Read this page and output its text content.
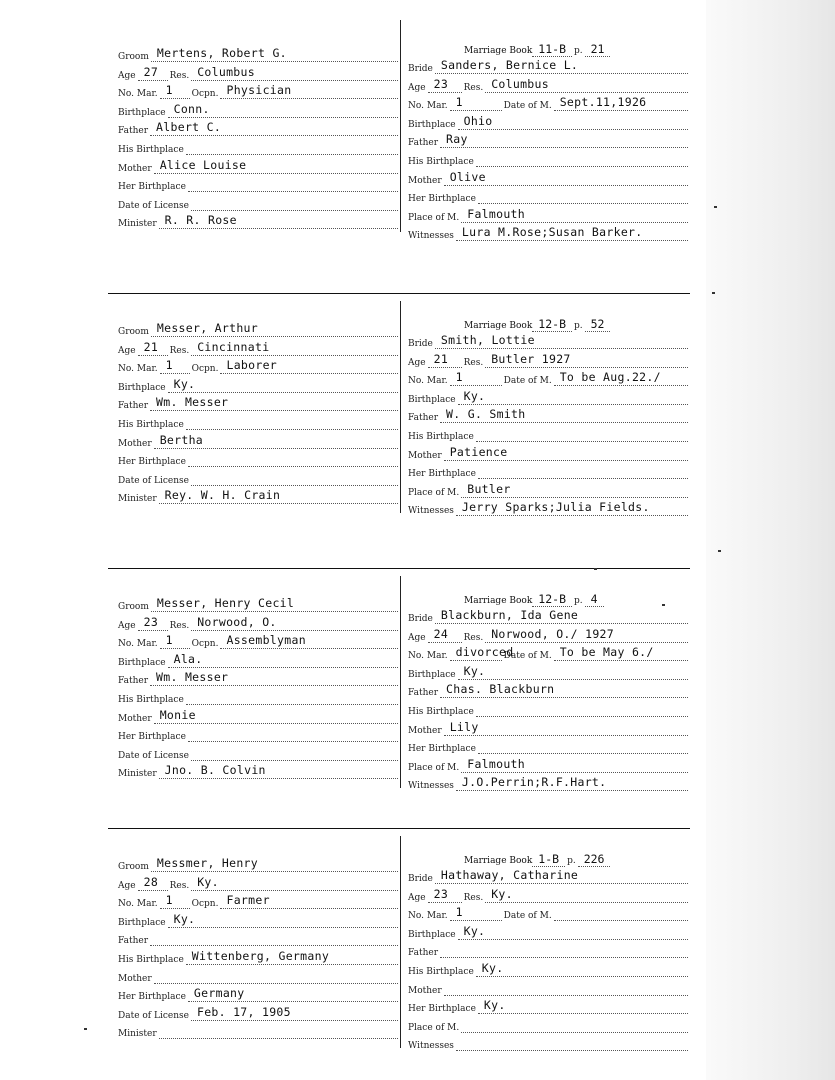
Groom Mertens, Robert G.
Age 27 Res. Columbus
No. Mar. 1 Ocpn. Physician
Birthplace Conn.
Father Albert C.
His Birthplace
Mother Alice Louise
Her Birthplace
Date of License
Minister R. R. Rose
Marriage Book 11-B p. 21
Bride Sanders, Bernice L.
Age 23 Res. Columbus
No. Mar. 1	Date of M. Sept.11,1926
Birthplace Ohio
Father Ray
His Birthplace
Mother Olive
Her Birthplace
Place of M. Falmouth
Witnesses Lura M.Rose;Susan Barker.
Groom Messer, Arthur
Age 21 Res. Cincinnati
No. Mar. 1 Ocpn. Laborer
Birthplace Ky.
Father Wm. Messer
His Birthplace
Mother Bertha
Her Birthplace
Date of License
Minister Rey. W. H. Crain
Marriage Book 12-B p. 52
Bride Smith, Lottie
Age 21 Res. Butler 1927
No. Mar. 1	Date of M. To be Aug.22./
Birthplace Ky.
Father W. G. Smith
His Birthplace
Mother Patience
Her Birthplace
Place of M. Butler
Witnesses Jerry Sparks;Julia Fields.
Groom Messer, Henry Cecil
Age 23 Res. Norwood, O.
No. Mar. 1 Ocpn. Assemblyman
Birthplace Ala.
Father Wm. Messer
His Birthplace
Mother Monie
Her Birthplace
Date of License
Minister Jno. B. Colvin
Marriage Book 12-B p. 4
Bride Blackburn, Ida Gene
Age 24 Res. Norwood, O./ 1927
No. Mar. divorced
Date of M. To be May 6./
Birthplace Ky.
Father Chas. Blackburn
His Birthplace
Mother Lily
Her Birthplace
Place of M. Falmouth
Witnesses J.O.Perrin;R.F.Hart.
Groom Messmer, Henry
Age 28 Res. Ky.
No. Mar. 1 Ocpn. Farmer
Birthplace Ky.
Father
His Birthplace Wittenberg, Germany
Mother
Her Birthplace Germany
Date of License Feb. 17, 1905
Minister
Marriage Book 1-B p. 226
Bride Hathaway, Catharine
Age 23 Res. Ky.
No. Mar. 1	Date of M.
Birthplace Ky.
Father
His Birthplace Ky.
Mother
Her Birthplace Ky.
Place of M.
Witnesses
